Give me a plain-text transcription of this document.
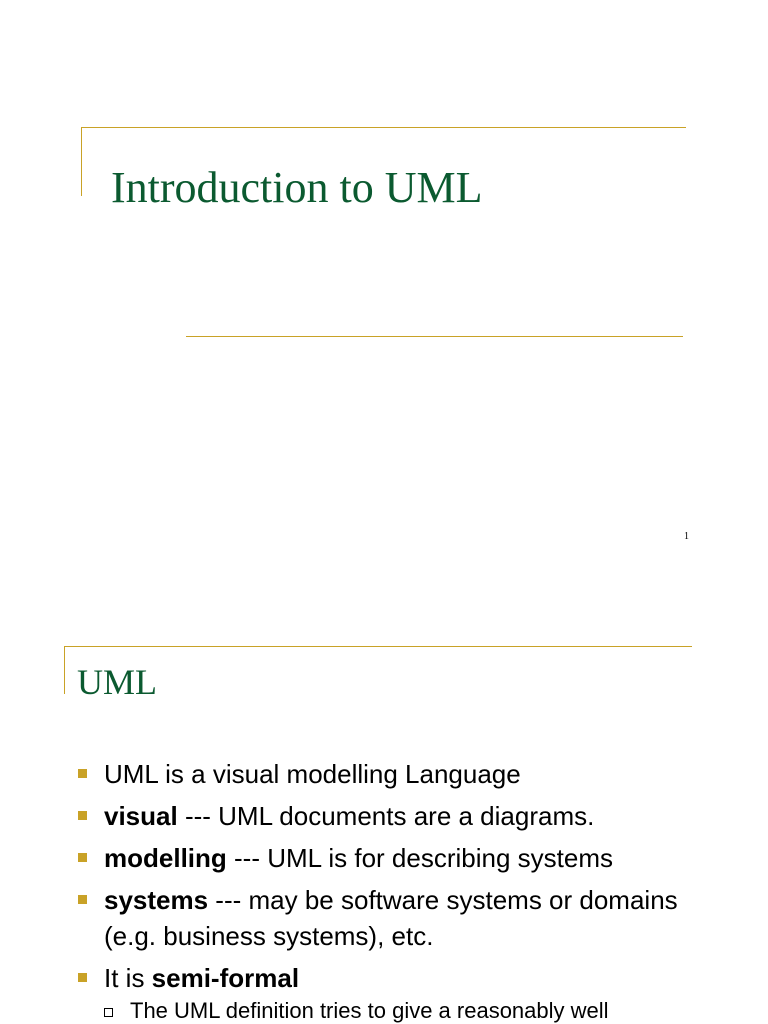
Introduction to UML
1
UML
UML is a visual modelling Language
visual --- UML documents are a diagrams.
modelling --- UML is for describing systems
systems --- may be software systems or domains (e.g. business systems), etc.
It is semi-formal
The UML definition tries to give a reasonably well
